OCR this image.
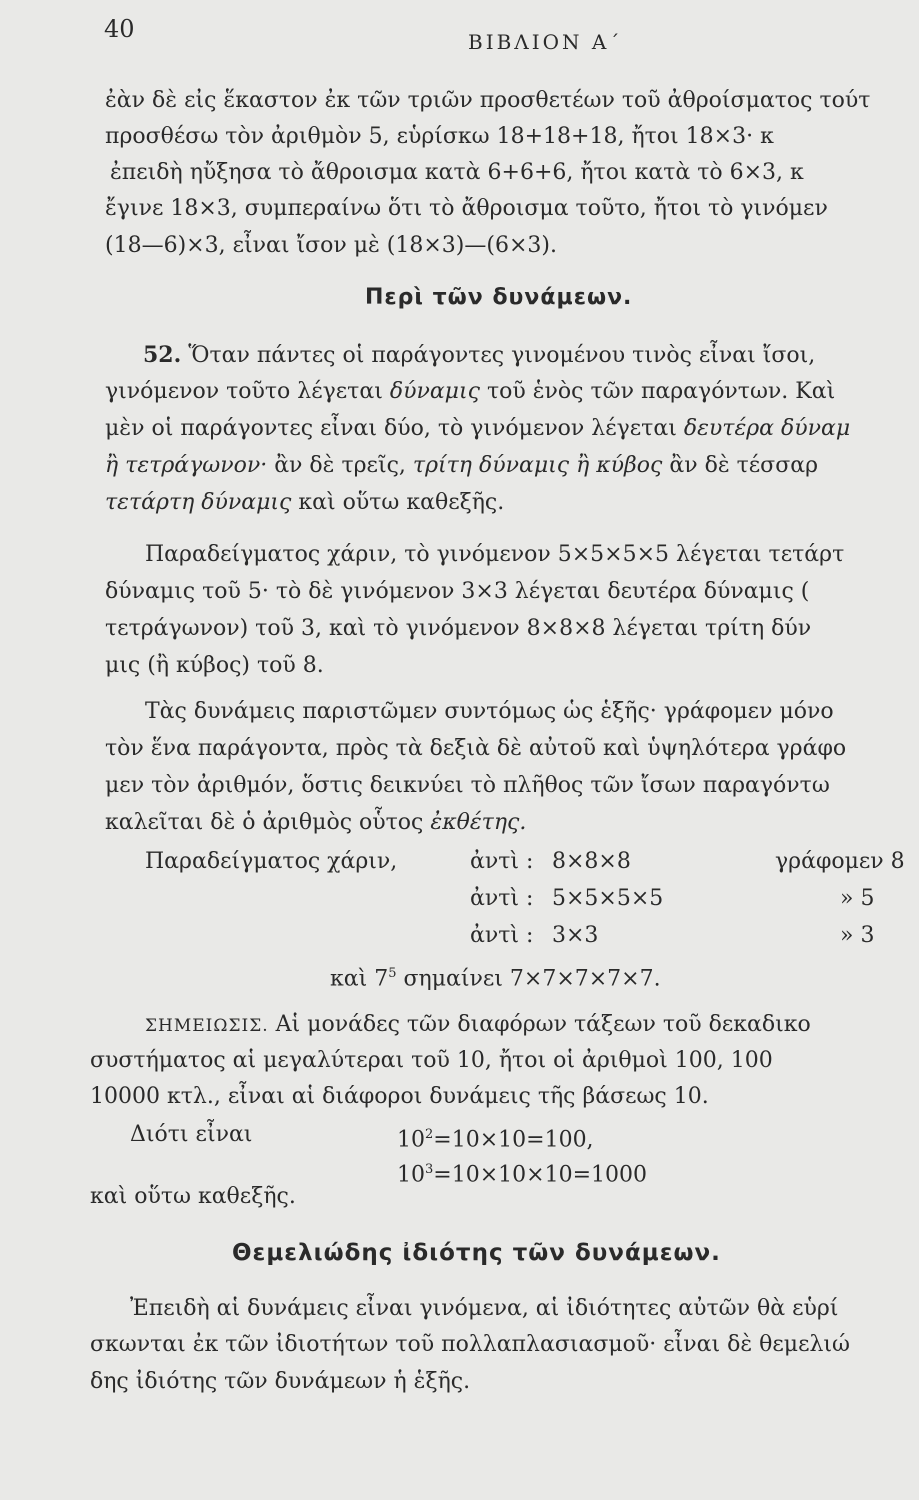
40	ΒΙΒΛΙΟΝ Α΄
ἐὰν δὲ εἰς ἕκαστον ἐκ τῶν τριῶν προσθετέων τοῦ ἀθροίσματος τούτ
προσθέσω τὸν ἀριθμὸν 5, εὑρίσκω 18+18+18, ἤτοι 18×3· κ
ἐπειδὴ ηὔξησα τὸ ἄθροισμα κατὰ 6+6+6, ἤτοι κατὰ τὸ 6×3, κ
ἔγινε 18×3, συμπεραίνω ὅτι τὸ ἄθροισμα τοῦτο, ἤτοι τὸ γινόμεν
(18—6)×3, εἶναι ἴσον μὲ (18×3)—(6×3).
Περὶ τῶν δυνάμεων.
52. Ὅταν πάντες οἱ παράγοντες γινομένου τινὸς εἶναι ἴσοι,
γινόμενον τοῦτο λέγεται δύναμις τοῦ ἑνὸς τῶν παραγόντων. Καὶ
μὲν οἱ παράγοντες εἶναι δύο, τὸ γινόμενον λέγεται δευτέρα δύναμ
ἢ τετράγωνον· ἂν δὲ τρεῖς, τρίτη δύναμις ἢ κύβος ἂν δὲ τέσσαρ
τετάρτη δύναμις καὶ οὕτω καθεξῆς.
Παραδείγματος χάριν, τὸ γινόμενον 5×5×5×5 λέγεται τετάρτ
δύναμις τοῦ 5· τὸ δὲ γινόμενον 3×3 λέγεται δευτέρα δύναμις (
τετράγωνον) τοῦ 3, καὶ τὸ γινόμενον 8×8×8 λέγεται τρίτη δύν
μις (ἢ κύβος) τοῦ 8.
Τὰς δυνάμεις παριστῶμεν συντόμως ὡς ἑξῆς· γράφομεν μόνο
τὸν ἕνα παράγοντα, πρὸς τὰ δεξιὰ δὲ αὐτοῦ καὶ ὑψηλότερα γράφο
μεν τὸν ἀριθμόν, ὅστις δεικνύει τὸ πλῆθος τῶν ἴσων παραγόντω
καλεῖται δὲ ὁ ἀριθμὸς οὗτος ἐκθέτης.
Παραδείγματος χάριν,	ἀντὶ : 8×8×8	γράφομεν 8
ἀντὶ : 5×5×5×5	» 5
ἀντὶ : 3×3	» 3
καὶ $7^5$ σημαίνει 7×7×7×7×7.
ΣΗΜΕΙΩΣΙΣ. Αἱ μονάδες τῶν διαφόρων τάξεων τοῦ δεκαδικο
συστήματος αἱ μεγαλύτεραι τοῦ 10, ἤτοι οἱ ἀριθμοὶ 100, 100
10000 κτλ., εἶναι αἱ διάφοροι δυνάμεις τῆς βάσεως 10.
Διότι εἶναι	$10^2=10\times 10=100$,
$10^3=10\times 10\times 10=1000$
καὶ οὕτω καθεξῆς.
Θεμελιώδης ἰδιότης τῶν δυνάμεων.
Ἐπειδὴ αἱ δυνάμεις εἶναι γινόμενα, αἱ ἰδιότητες αὐτῶν θὰ εὑρί
σκωνται ἐκ τῶν ἰδιοτήτων τοῦ πολλαπλασιασμοῦ· εἶναι δὲ θεμελιώ
δης ἰδιότης τῶν δυνάμεων ἡ ἑξῆς.
